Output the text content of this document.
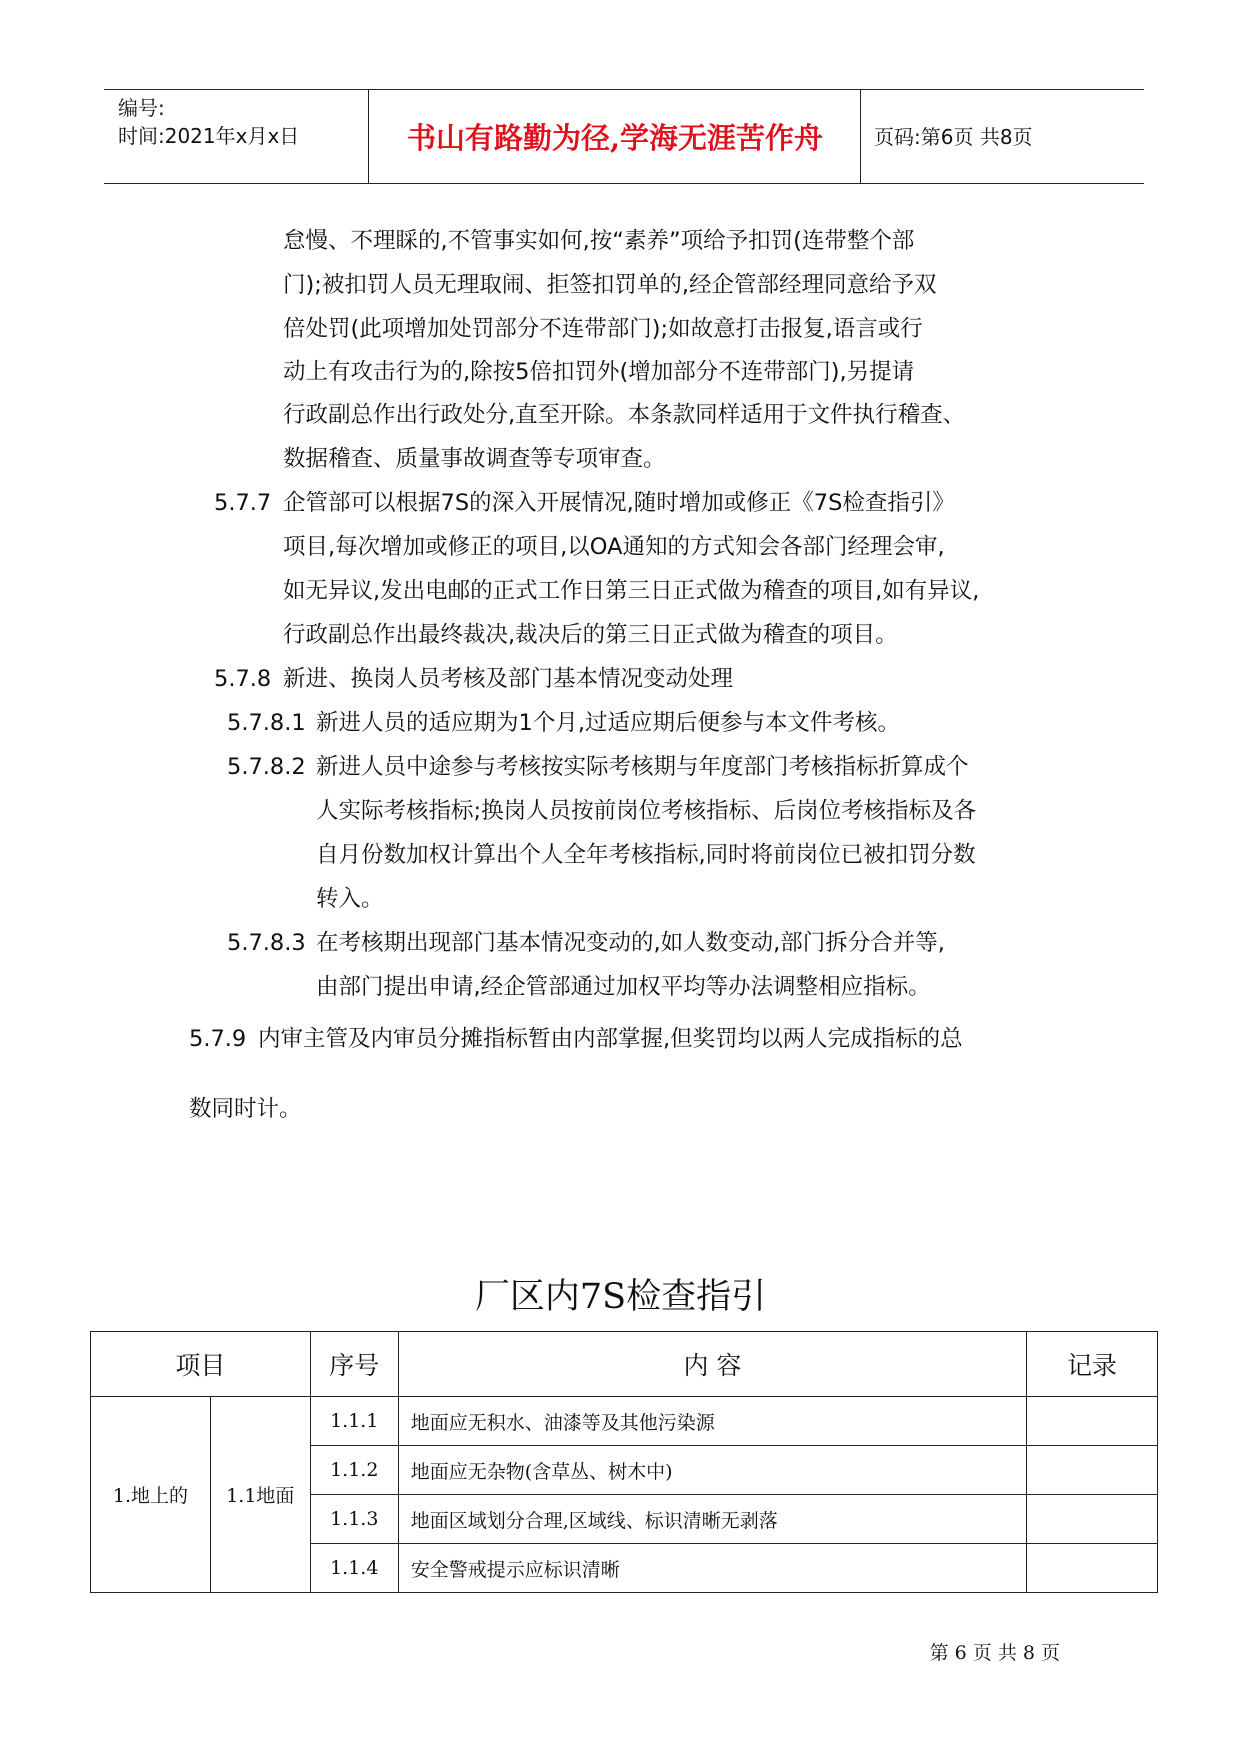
编号:
时间:2021年x月x日	书山有路勤为径,学海无涯苦作舟	页码:第6页 共8页
怠慢、不理睬的,不管事实如何,按“素养”项给予扣罚(连带整个部
门);被扣罚人员无理取闹、拒签扣罚单的,经企管部经理同意给予双
倍处罚(此项增加处罚部分不连带部门);如故意打击报复,语言或行
动上有攻击行为的,除按5倍扣罚外(增加部分不连带部门),另提请
行政副总作出行政处分,直至开除。本条款同样适用于文件执行稽查、
数据稽查、质量事故调查等专项审查。
5.7.7 企管部可以根据7S的深入开展情况,随时增加或修正《7S检查指引》
项目,每次增加或修正的项目,以OA通知的方式知会各部门经理会审,
如无异议,发出电邮的正式工作日第三日正式做为稽查的项目,如有异议,
行政副总作出最终裁决,裁决后的第三日正式做为稽查的项目。
5.7.8 新进、换岗人员考核及部门基本情况变动处理
5.7.8.1 新进人员的适应期为1个月,过适应期后便参与本文件考核。
5.7.8.2 新进人员中途参与考核按实际考核期与年度部门考核指标折算成个
人实际考核指标;换岗人员按前岗位考核指标、后岗位考核指标及各
自月份数加权计算出个人全年考核指标,同时将前岗位已被扣罚分数
转入。
5.7.8.3 在考核期出现部门基本情况变动的,如人数变动,部门拆分合并等,
由部门提出申请,经企管部通过加权平均等办法调整相应指标。
5.7.9 内审主管及内审员分摊指标暂由内部掌握,但奖罚均以两人完成指标的总
数同时计。
厂区内7S检查指引
项目		序号	内 容	记录
1.地上的	1.1地面	1.1.1	地面应无积水、油漆等及其他污染源	
		1.1.2	地面应无杂物(含草丛、树木中)	
		1.1.3	地面区域划分合理,区域线、标识清晰无剥落	
		1.1.4	安全警戒提示应标识清晰	
第 6 页 共 8 页
